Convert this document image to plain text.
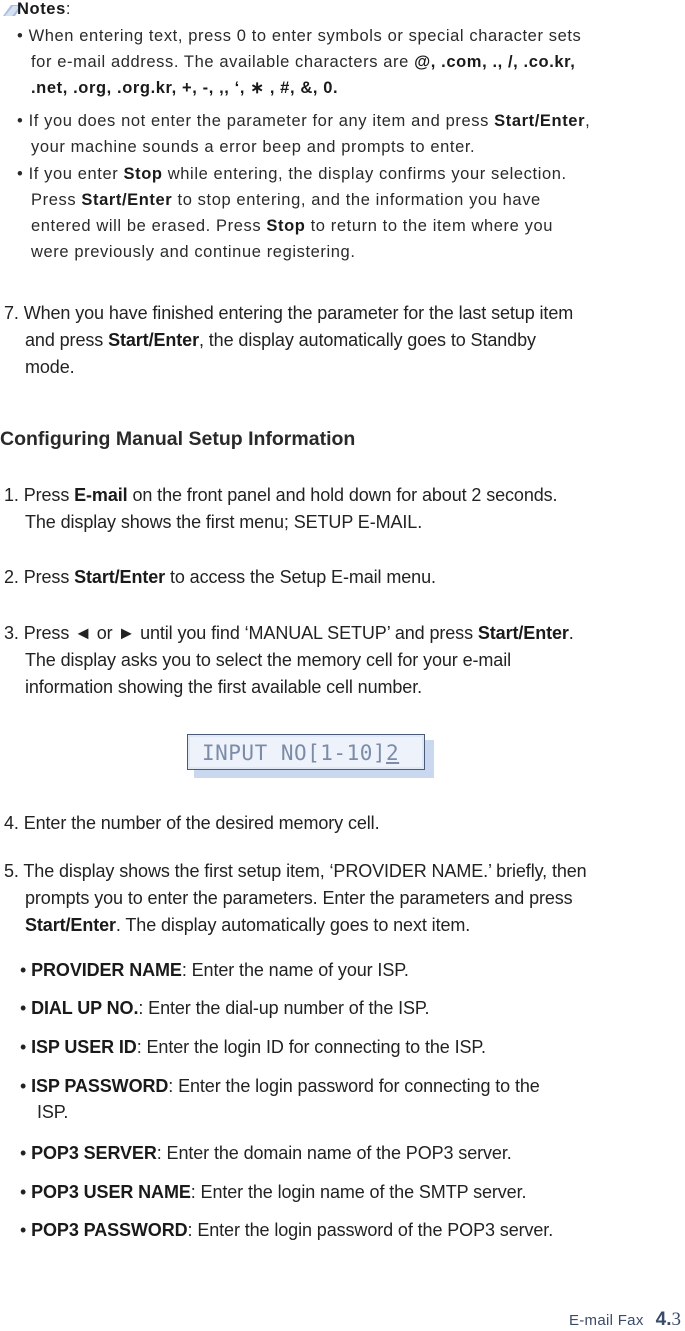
Notes:
• When entering text, press 0 to enter symbols or special character sets
for e-mail address. The available characters are @, .com, ., /, .co.kr,
.net, .org, .org.kr, +, -, ,, ‘, ∗ , #, &, 0.
• If you does not enter the parameter for any item and press Start/Enter,
your machine sounds a error beep and prompts to enter.
• If you enter Stop while entering, the display confirms your selection.
Press Start/Enter to stop entering, and the information you have
entered will be erased. Press Stop to return to the item where you
were previously and continue registering.
7. When you have finished entering the parameter for the last setup item
and press Start/Enter, the display automatically goes to Standby
mode.
Configuring Manual Setup Information
1. Press E-mail on the front panel and hold down for about 2 seconds.
The display shows the first menu; SETUP E-MAIL.
2. Press Start/Enter to access the Setup E-mail menu.
3. Press ◄ or ► until you find ‘MANUAL SETUP’ and press Start/Enter.
The display asks you to select the memory cell for your e-mail
information showing the first available cell number.
INPUT NO[1-10]2
4. Enter the number of the desired memory cell.
5. The display shows the first setup item, ‘PROVIDER NAME.’ briefly, then
prompts you to enter the parameters. Enter the parameters and press
Start/Enter. The display automatically goes to next item.
• PROVIDER NAME: Enter the name of your ISP.
• DIAL UP NO.: Enter the dial-up number of the ISP.
• ISP USER ID: Enter the login ID for connecting to the ISP.
• ISP PASSWORD: Enter the login password for connecting to the
ISP.
• POP3 SERVER: Enter the domain name of the POP3 server.
• POP3 USER NAME: Enter the login name of the SMTP server.
• POP3 PASSWORD: Enter the login password of the POP3 server.
E-mail Fax 4.3
